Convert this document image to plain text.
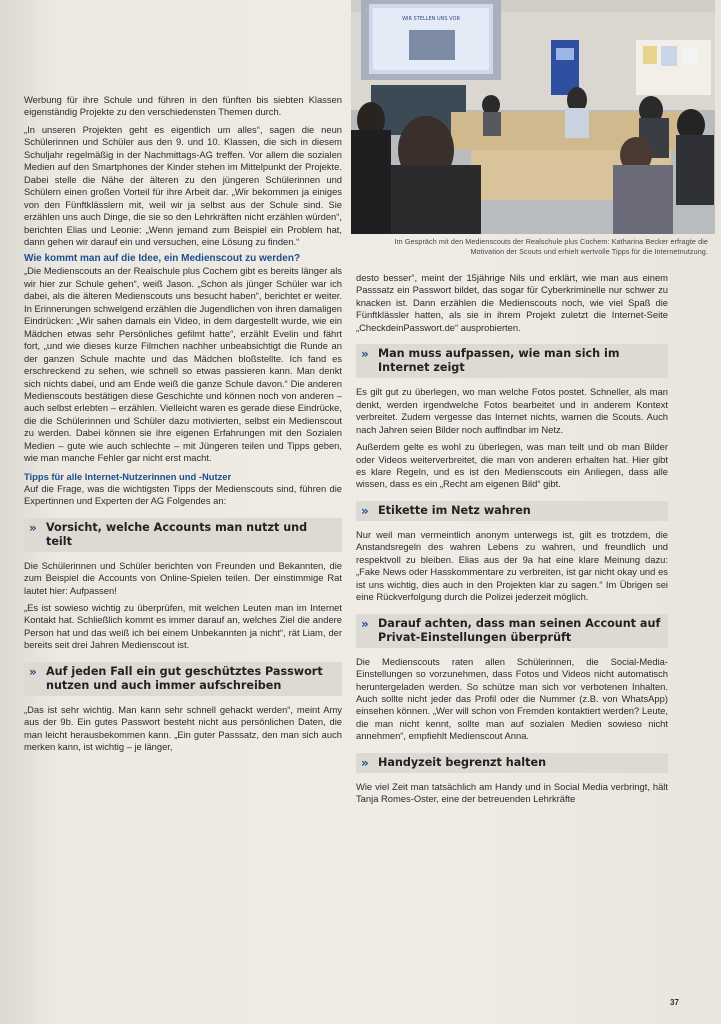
WIR STELLEN UNS VOR
Im Gespräch mit den Medienscouts der Realschule plus Cochem: Katharina Becker erfragte die Motivation der Scouts und erhielt wertvolle Tipps für die Internetnutzung.

Werbung für ihre Schule und führen in den fünften bis siebten Klassen eigenständig Projekte zu den verschiedensten Themen durch.

„In unseren Projekten geht es eigentlich um alles“, sagen die neun Schülerinnen und Schüler aus den 9. und 10. Klassen, die sich in diesem Schuljahr regelmäßig in der Nachmittags-AG treffen. Vor allem die sozialen Medien auf den Smartphones der Kinder stehen im Mittelpunkt der Projekte. Dabei stelle die Nähe der älteren zu den jüngeren Schülerinnen und Schülern einen großen Vorteil für ihre Arbeit dar. „Wir bekommen ja einiges von den Fünftklässlern mit, weil wir ja selbst aus der Schule sind. Sie erzählen uns auch Dinge, die sie so den Lehrkräften nicht erzählen würden“, berichten Elias und Leonie: „Wenn jemand zum Beispiel ein Problem hat, dann gehen wir darauf ein und versuchen, eine Lösung zu finden.“

Wie kommt man auf die Idee, ein Medienscout zu werden?

„Die Medienscouts an der Realschule plus Cochem gibt es bereits länger als wir hier zur Schule gehen“, weiß Jason. „Schon als jünger Schüler war ich dabei, als die älteren Medienscouts uns besucht haben“, berichtet er weiter. In Erinnerungen schwelgend erzählen die Jugendlichen von ihren damaligen Eindrücken: „Wir sahen damals ein Video, in dem dargestellt wurde, wie ein Mädchen etwas sehr Persönliches gefilmt hatte“, erzählt Evelin und fährt fort, „und wie dieses kurze Filmchen nachher unbeabsichtigt die Runde an der ganzen Schule machte und das Mädchen bloßstellte. Ich fand es erschreckend zu sehen, wie schnell so etwas passieren kann. Man denkt sich nichts dabei, und am Ende weiß die ganze Schule davon.“ Die anderen Medienscouts bestätigen diese Geschichte und können noch von anderen – auch selbst erlebten – erzählen. Vielleicht waren es gerade diese Eindrücke, die die Schülerinnen und Schüler dazu motivierten, selbst ein Medienscout zu werden. Dabei können sie ihre eigenen Erfahrungen mit den Sozialen Medien – gute wie auch schlechte – mit Jüngeren teilen und Tipps geben, wie man manche Fehler gar nicht erst macht.

Tipps für alle Internet-Nutzerinnen und -Nutzer

Auf die Frage, was die wichtigsten Tipps der Medienscouts sind, führen die Expertinnen und Experten der AG Folgendes an:

» Vorsicht, welche Accounts man nutzt und teilt

Die Schülerinnen und Schüler berichten von Freunden und Bekannten, die zum Beispiel die Accounts von Online-Spielen teilen. Der einstimmige Rat lautet hier: Aufpassen!

„Es ist sowieso wichtig zu überprüfen, mit welchen Leuten man im Internet Kontakt hat. Schließlich kommt es immer darauf an, welches Ziel die andere Person hat und das weiß ich bei einem Unbekannten ja nicht“, rät Liam, der bereits seit drei Jahren Medienscout ist.

» Auf jeden Fall ein gut geschütztes Passwort nutzen und auch immer aufschreiben

„Das ist sehr wichtig. Man kann sehr schnell gehackt werden“, meint Amy aus der 9b. Ein gutes Passwort besteht nicht aus persönlichen Daten, die man leicht herausbekommen kann. „Ein guter Passsatz, den man sich auch merken kann, ist wichtig – je länger,

desto besser“, meint der 15jährige Nils und erklärt, wie man aus einem Passsatz ein Passwort bildet, das sogar für Cyberkriminelle nur schwer zu knacken ist. Dann erzählen die Medienscouts noch, wie viel Spaß die Fünftklässler hatten, als sie in ihrem Projekt zuletzt die Internet-Seite „CheckdeinPasswort.de“ ausprobierten.

» Man muss aufpassen, wie man sich im Internet zeigt

Es gilt gut zu überlegen, wo man welche Fotos postet. Schneller, als man denkt, werden irgendwelche Fotos bearbeitet und in anderem Kontext verbreitet. Zudem vergesse das Internet nichts, warnen die Scouts. Auch nach Jahren seien Bilder noch auffindbar im Netz.

Außerdem gelte es wohl zu überlegen, was man teilt und ob man Bilder oder Videos weiterverbreitet, die man von anderen erhalten hat. Hier gibt es klare Regeln, und es ist den Medienscouts ein Anliegen, dass alle wissen, dass es ein „Recht am eigenen Bild“ gibt.

» Etikette im Netz wahren

Nur weil man vermeintlich anonym unterwegs ist, gilt es trotzdem, die Anstandsregeln des wahren Lebens zu wahren, und freundlich und respektvoll zu bleiben. Elias aus der 9a hat eine klare Meinung dazu: „Fake News oder Hasskommentare zu verbreiten, ist gar nicht okay und es ist uns wichtig, dies auch in den Projekten klar zu sagen.“ Im Übrigen sei eine Rückverfolgung durch die Polizei jederzeit möglich.

» Darauf achten, dass man seinen Account auf Privat-Einstellungen überprüft

Die Medienscouts raten allen Schülerinnen, die Social-Media-Einstellungen so vorzunehmen, dass Fotos und Videos nicht automatisch heruntergeladen werden. So schütze man sich vor verbotenen Inhalten. Auch sollte nicht jeder das Profil oder die Nummer (z.B. von WhatsApp) einsehen können. „Wer will schon von Fremden kontaktiert werden? Leute, die man nicht kennt, sollte man auf sozialen Medien sowieso nicht annehmen“, empfiehlt Medienscout Anna.

» Handyzeit begrenzt halten

Wie viel Zeit man tatsächlich am Handy und in Social Media verbringt, hält Tanja Romes-Oster, eine der betreuenden Lehrkräfte

37
